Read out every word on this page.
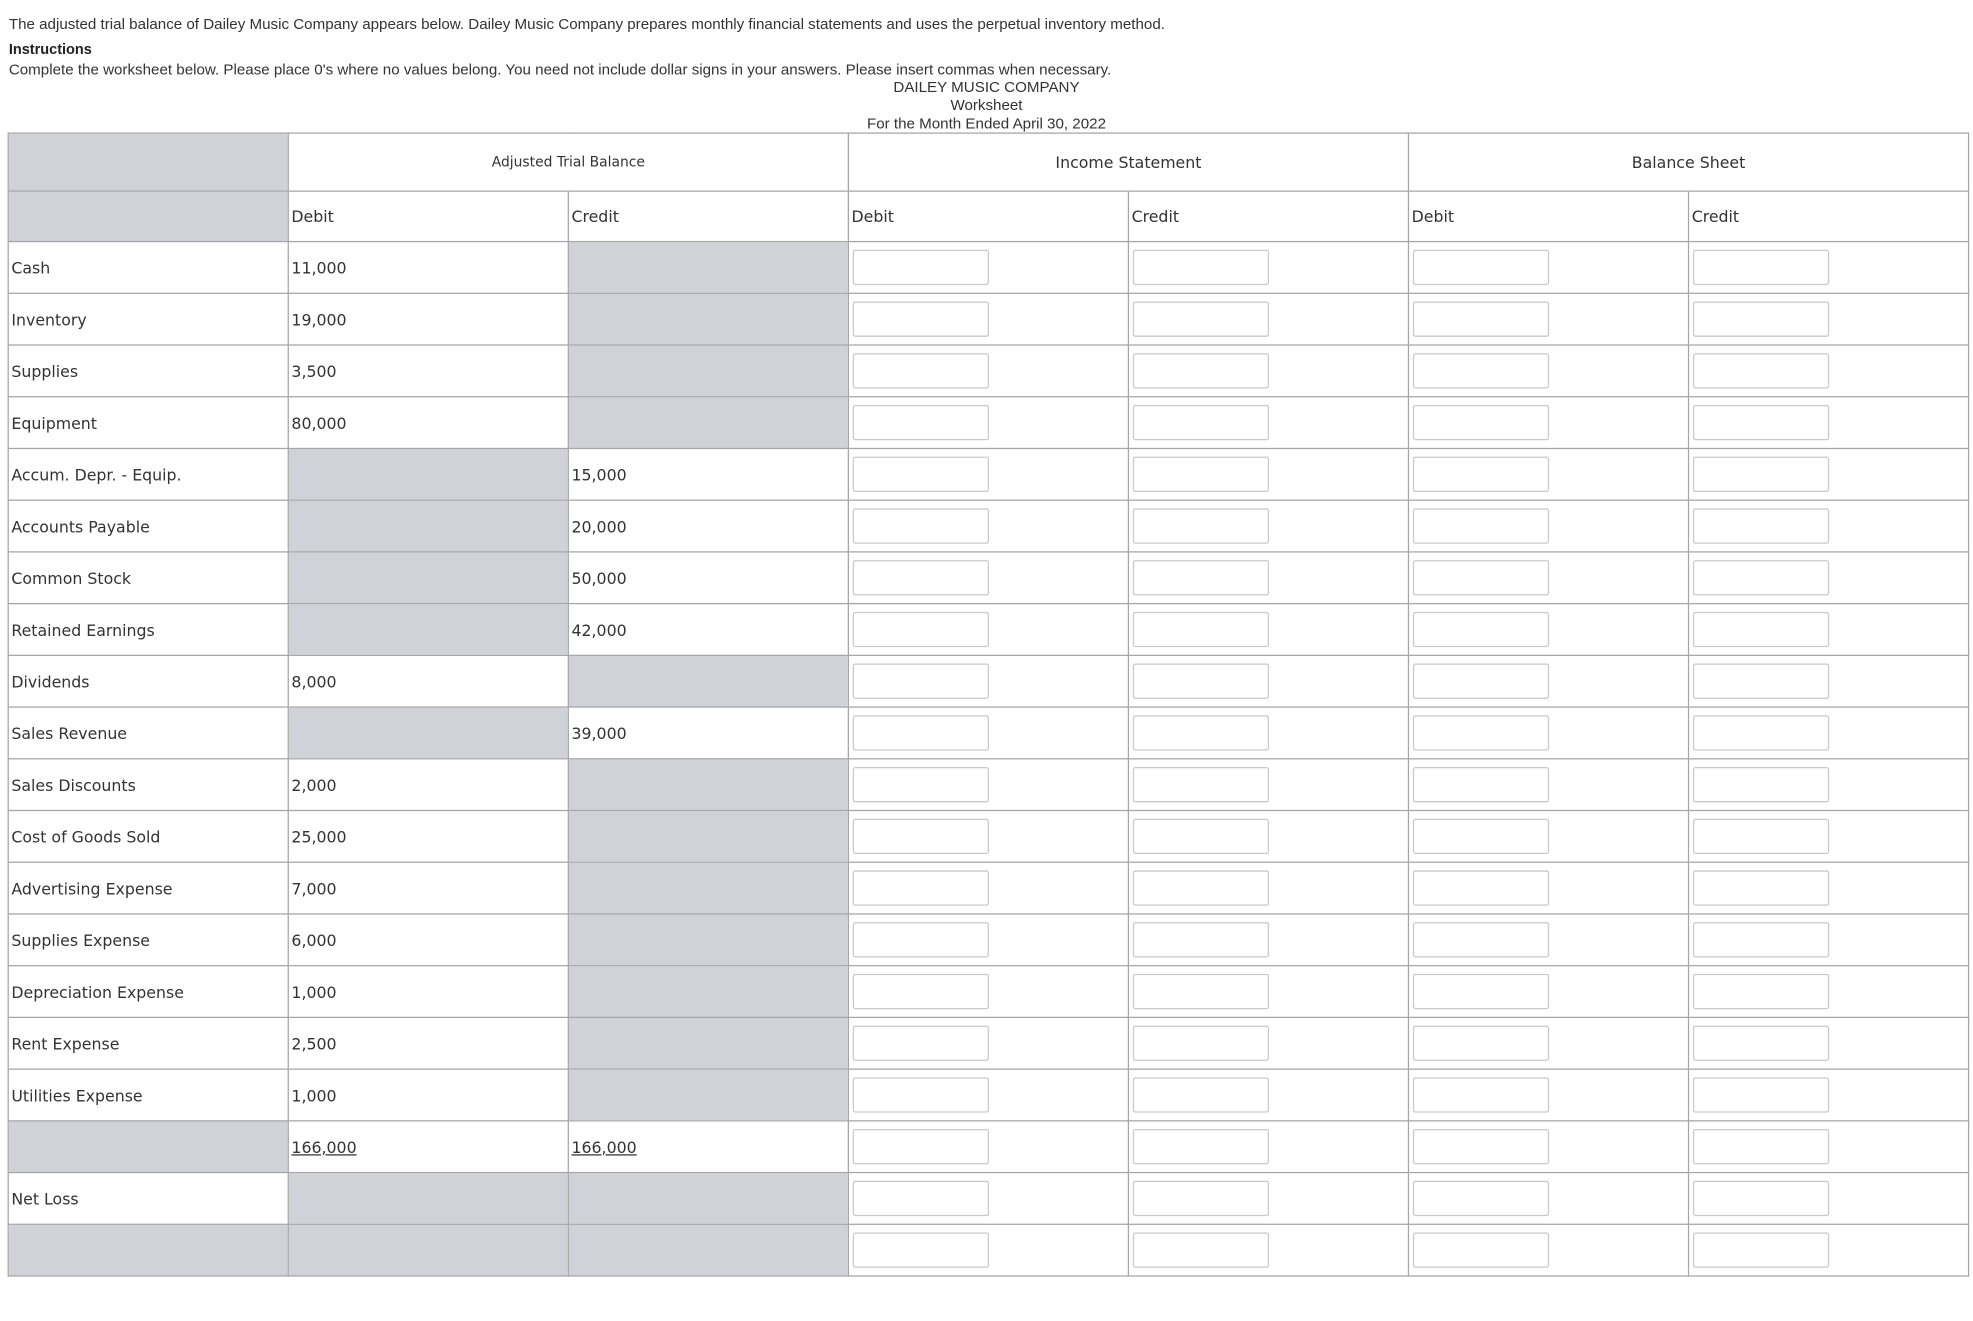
The adjusted trial balance of Dailey Music Company appears below. Dailey Music Company prepares monthly financial statements and uses the perpetual inventory method.
Instructions
Complete the worksheet below. Please place 0's where no values belong. You need not include dollar signs in your answers. Please insert commas when necessary.
DAILEY MUSIC COMPANY
Worksheet
For the Month Ended April 30, 2022
	Adjusted Trial Balance		Income Statement		Balance Sheet	
	Debit	Credit	Debit	Credit	Debit	Credit
Cash	11,000		

Inventory	19,000		

Supplies	3,500		

Equipment	80,000		

Accum. Depr. - Equip.		15,000	

Accounts Payable		20,000	

Common Stock		50,000	

Retained Earnings		42,000	

Dividends	8,000		

Sales Revenue		39,000	

Sales Discounts	2,000		

Cost of Goods Sold	25,000		

Advertising Expense	7,000		

Supplies Expense	6,000		

Depreciation Expense	1,000		

Rent Expense	2,500		

Utilities Expense	1,000		

	166,000	166,000	

Net Loss			
